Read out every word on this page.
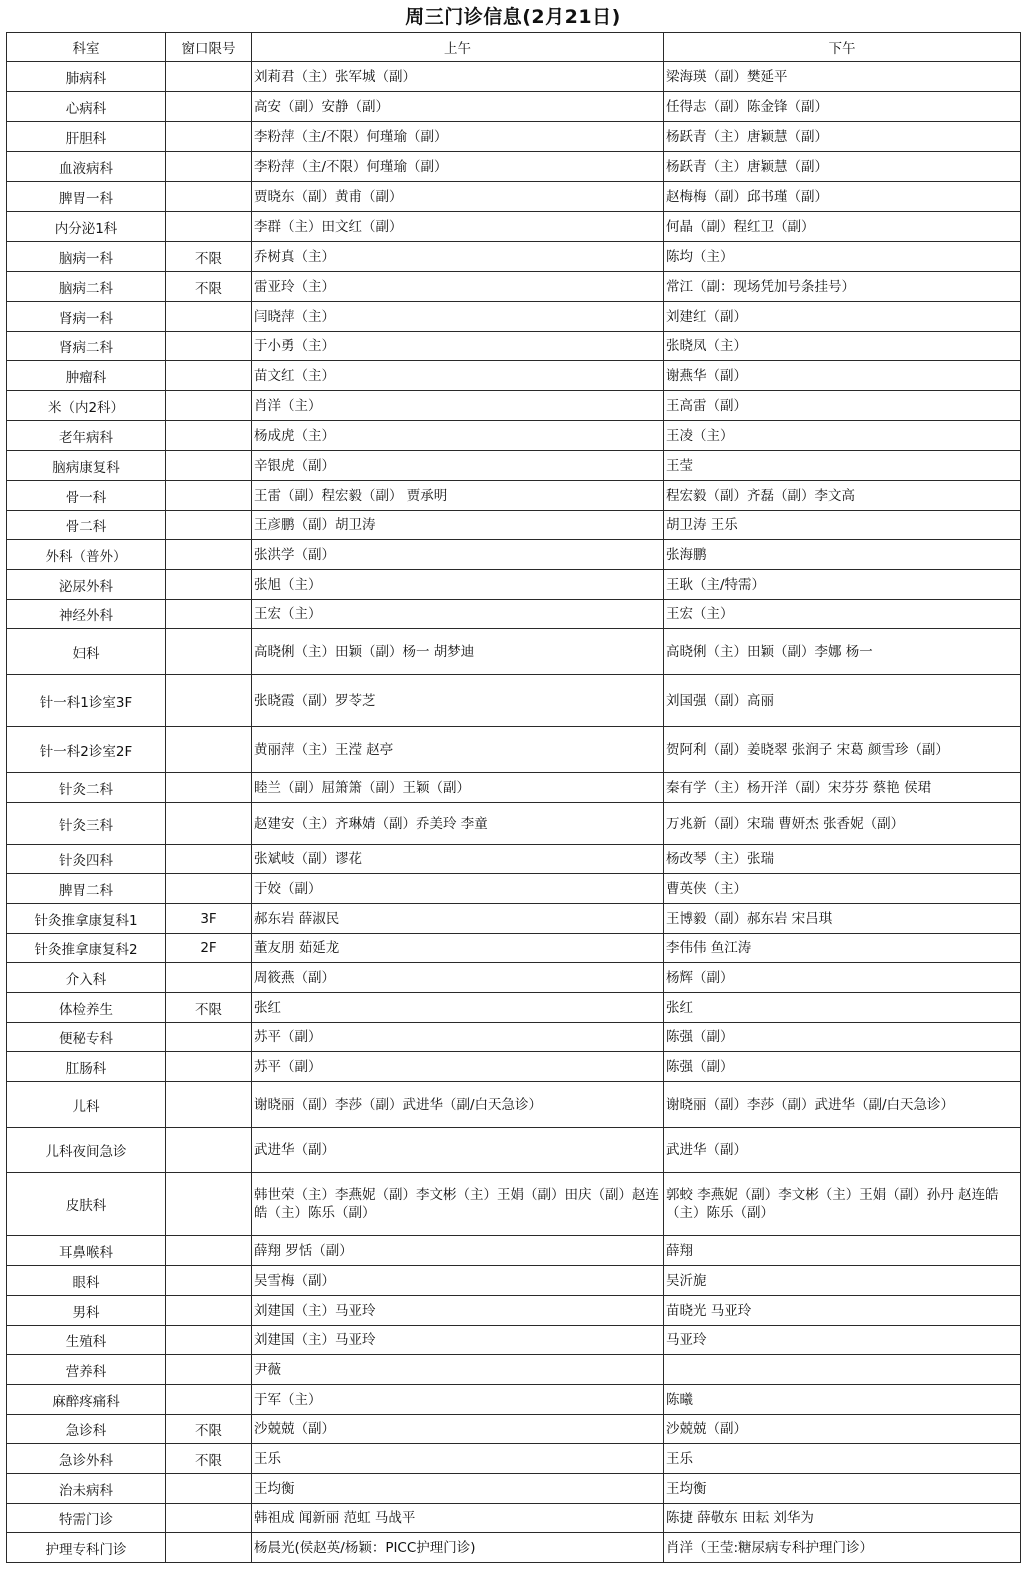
周三门诊信息(2月21日)
科室	窗口限号	上午	下午
肺病科		刘莉君（主）张军城（副）	梁海瑛（副）樊延平
心病科		高安（副）安静（副）	任得志（副）陈金锋（副）
肝胆科		李粉萍（主/不限）何瑾瑜（副）	杨跃青（主）唐颖慧（副）
血液病科		李粉萍（主/不限）何瑾瑜（副）	杨跃青（主）唐颖慧（副）
脾胃一科		贾晓东（副）黄甫（副）	赵梅梅（副）邱书瑾（副）
内分泌1科		李群（主）田文红（副）	何晶（副）程红卫（副）
脑病一科	不限	乔树真（主）	陈均（主）
脑病二科	不限	雷亚玲（主）	常江（副：现场凭加号条挂号）
肾病一科		闫晓萍（主）	刘建红（副）
肾病二科		于小勇（主）	张晓凤（主）
肿瘤科		苗文红（主）	谢燕华（副）
米（内2科）		肖洋（主）	王高雷（副）
老年病科		杨成虎（主）	王凌（主）
脑病康复科		辛银虎（副）	王莹
骨一科		王雷（副）程宏毅（副） 贾承明	程宏毅（副）齐磊（副）李文高
骨二科		王彦鹏（副）胡卫涛	胡卫涛 王乐
外科（普外）		张洪学（副）	张海鹏
泌尿外科		张旭（主）	王耿（主/特需）
神经外科		王宏（主）	王宏（主）
妇科		高晓俐（主）田颖（副）杨一 胡梦迪	高晓俐（主）田颖（副）李娜 杨一
针一科1诊室3F		张晓霞（副）罗苓芝	刘国强（副）高丽
针一科2诊室2F		黄丽萍（主）王滢 赵亭	贺阿利（副）姜晓翠 张润子 宋葛 颜雪珍（副）
针灸二科		睦兰（副）屈箫箫（副）王颖（副）	秦有学（主）杨开洋（副）宋芬芬 蔡艳 侯珺
针灸三科		赵建安（主）齐琳婧（副）乔美玲 李童	万兆新（副）宋瑞 曹妍杰 张香妮（副）
针灸四科		张斌岐（副）谬花	杨改琴（主）张瑞
脾胃二科		于姣（副）	曹英侠（主）
针灸推拿康复科1	3F	郝东岩 薛淑民	王博毅（副）郝东岩 宋吕琪
针灸推拿康复科2	2F	董友朋 茹延龙	李伟伟 鱼江涛
介入科		周筱燕（副）	杨辉（副）
体检养生	不限	张红	张红
便秘专科		苏平（副）	陈强（副）
肛肠科		苏平（副）	陈强（副）
儿科		谢晓丽（副）李莎（副）武进华（副/白天急诊）	谢晓丽（副）李莎（副）武进华（副/白天急诊）
儿科夜间急诊		武进华（副）	武进华（副）
皮肤科		韩世荣（主）李燕妮（副）李文彬（主）王娟（副）田庆（副）赵连皓（主）陈乐（副）	郭蛟 李燕妮（副）李文彬（主）王娟（副）孙丹 赵连皓（主）陈乐（副）
耳鼻喉科		薛翔 罗恬（副）	薛翔
眼科		吴雪梅（副）	吴沂旎
男科		刘建国（主）马亚玲	苗晓光 马亚玲
生殖科		刘建国（主）马亚玲	马亚玲
营养科		尹薇	
麻醉疼痛科		于军（主）	陈曦
急诊科	不限	沙兢兢（副）	沙兢兢（副）
急诊外科	不限	王乐	王乐
治未病科		王均衡	王均衡
特需门诊		韩祖成 闻新丽 范虹 马战平	陈捷 薛敬东 田耘 刘华为
护理专科门诊		杨晨光(侯赵英/杨颖：PICC护理门诊)	肖洋（王莹:糖尿病专科护理门诊）
